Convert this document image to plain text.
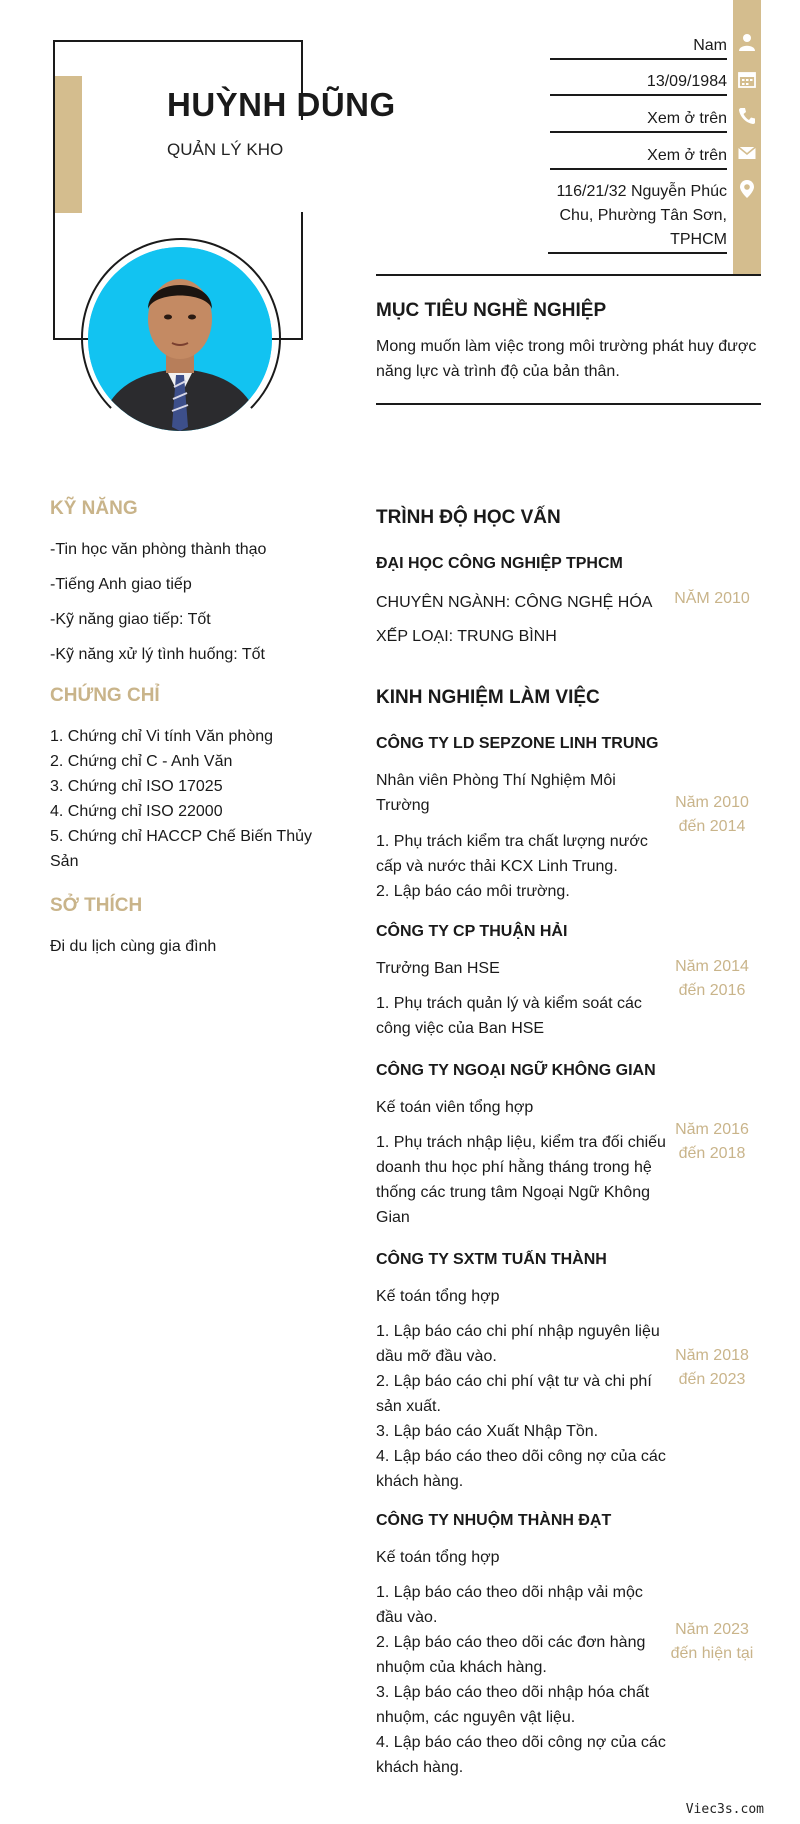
HUỲNH DŨNG
QUẢN LÝ KHO
Nam
13/09/1984
Xem ở trên
Xem ở trên
116/21/32 Nguyễn Phúc Chu, Phường Tân Sơn, TPHCM
MỤC TIÊU NGHỀ NGHIỆP
Mong muốn làm việc trong môi trường phát huy được năng lực và trình độ của bản thân.
KỸ NĂNG
-Tin học văn phòng thành thạo
-Tiếng Anh giao tiếp
-Kỹ năng giao tiếp: Tốt
-Kỹ năng xử lý tình huống: Tốt
CHỨNG CHỈ
1. Chứng chỉ Vi tính Văn phòng
2. Chứng chỉ C - Anh Văn
3. Chứng chỉ ISO 17025
4. Chứng chỉ ISO 22000
5. Chứng chỉ HACCP Chế Biến Thủy Sản
SỞ THÍCH
Đi du lịch cùng gia đình
TRÌNH ĐỘ HỌC VẤN
ĐẠI HỌC CÔNG NGHIỆP TPHCM
CHUYÊN NGÀNH: CÔNG NGHỆ HÓA
XẾP LOẠI: TRUNG BÌNH
NĂM 2010
KINH NGHIỆM LÀM VIỆC
CÔNG TY LD SEPZONE LINH TRUNG
Nhân viên Phòng Thí Nghiệm Môi Trường
1. Phụ trách kiểm tra chất lượng nước cấp và nước thải KCX Linh Trung.
2. Lập báo cáo môi trường.
Năm 2010 đến 2014
CÔNG TY CP THUẬN HẢI
Trưởng Ban HSE
1. Phụ trách quản lý và kiểm soát các công việc của Ban HSE
Năm 2014 đến 2016
CÔNG TY NGOẠI NGỮ KHÔNG GIAN
Kế toán viên tổng hợp
1. Phụ trách nhập liệu, kiểm tra đối chiếu doanh thu học phí hằng tháng trong hệ thống các trung tâm Ngoại Ngữ Không Gian
Năm 2016 đến 2018
CÔNG TY SXTM TUẤN THÀNH
Kế toán tổng hợp
1. Lập báo cáo chi phí nhập nguyên liệu dầu mỡ đầu vào.
2. Lập báo cáo chi phí vật tư và chi phí sản xuất.
3. Lập báo cáo Xuất Nhập Tồn.
4. Lập báo cáo theo dõi công nợ của các khách hàng.
Năm 2018 đến 2023
CÔNG TY NHUỘM THÀNH ĐẠT
Kế toán tổng hợp
1. Lập báo cáo theo dõi nhập vải mộc đầu vào.
2. Lập báo cáo theo dõi các đơn hàng nhuộm của khách hàng.
3. Lập báo cáo theo dõi nhập hóa chất nhuộm, các nguyên vật liệu.
4. Lập báo cáo theo dõi công nợ của các khách hàng.
Năm 2023 đến hiện tại
Viec3s.com
